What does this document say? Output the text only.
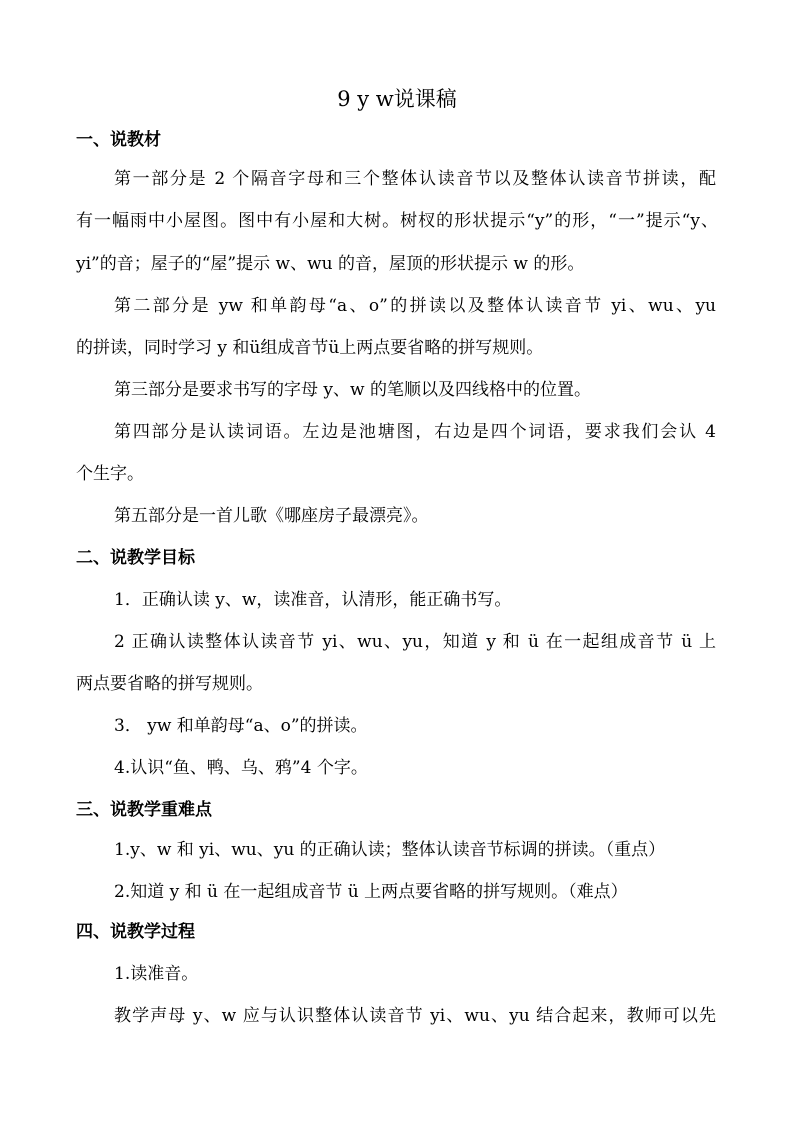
9 y w说课稿
一、说教材
第一部分是 2 个隔音字母和三个整体认读音节以及整体认读音节拼读，配
有一幅雨中小屋图。图中有小屋和大树。树杈的形状提示“y”的形，“一”提示“y、
yi”的音；屋子的“屋”提示 w、wu 的音，屋顶的形状提示 w 的形。
第二部分是 yw 和单韵母“a、o”的拼读以及整体认读音节 yi、wu、yu
的拼读，同时学习 y 和ü组成音节ü上两点要省略的拼写规则。
第三部分是要求书写的字母 y、w 的笔顺以及四线格中的位置。
第四部分是认读词语。左边是池塘图，右边是四个词语，要求我们会认 4
个生字。
第五部分是一首儿歌《哪座房子最漂亮》。
二、说教学目标
1．正确认读 y、w，读准音，认清形，能正确书写。
2 正确认读整体认读音节 yi、wu、yu，知道 y 和 ü 在一起组成音节 ü 上
两点要省略的拼写规则。
3． yw 和单韵母“a、o”的拼读。
4.认识“鱼、鸭、乌、鸦”4 个字。
三、说教学重难点
1.y、w 和 yi、wu、yu 的正确认读；整体认读音节标调的拼读。（重点）
2.知道 y 和 ü 在一起组成音节 ü 上两点要省略的拼写规则。（难点）
四、说教学过程
1.读准音。
教学声母 y、w 应与认识整体认读音节 yi、wu、yu 结合起来，教师可以先
